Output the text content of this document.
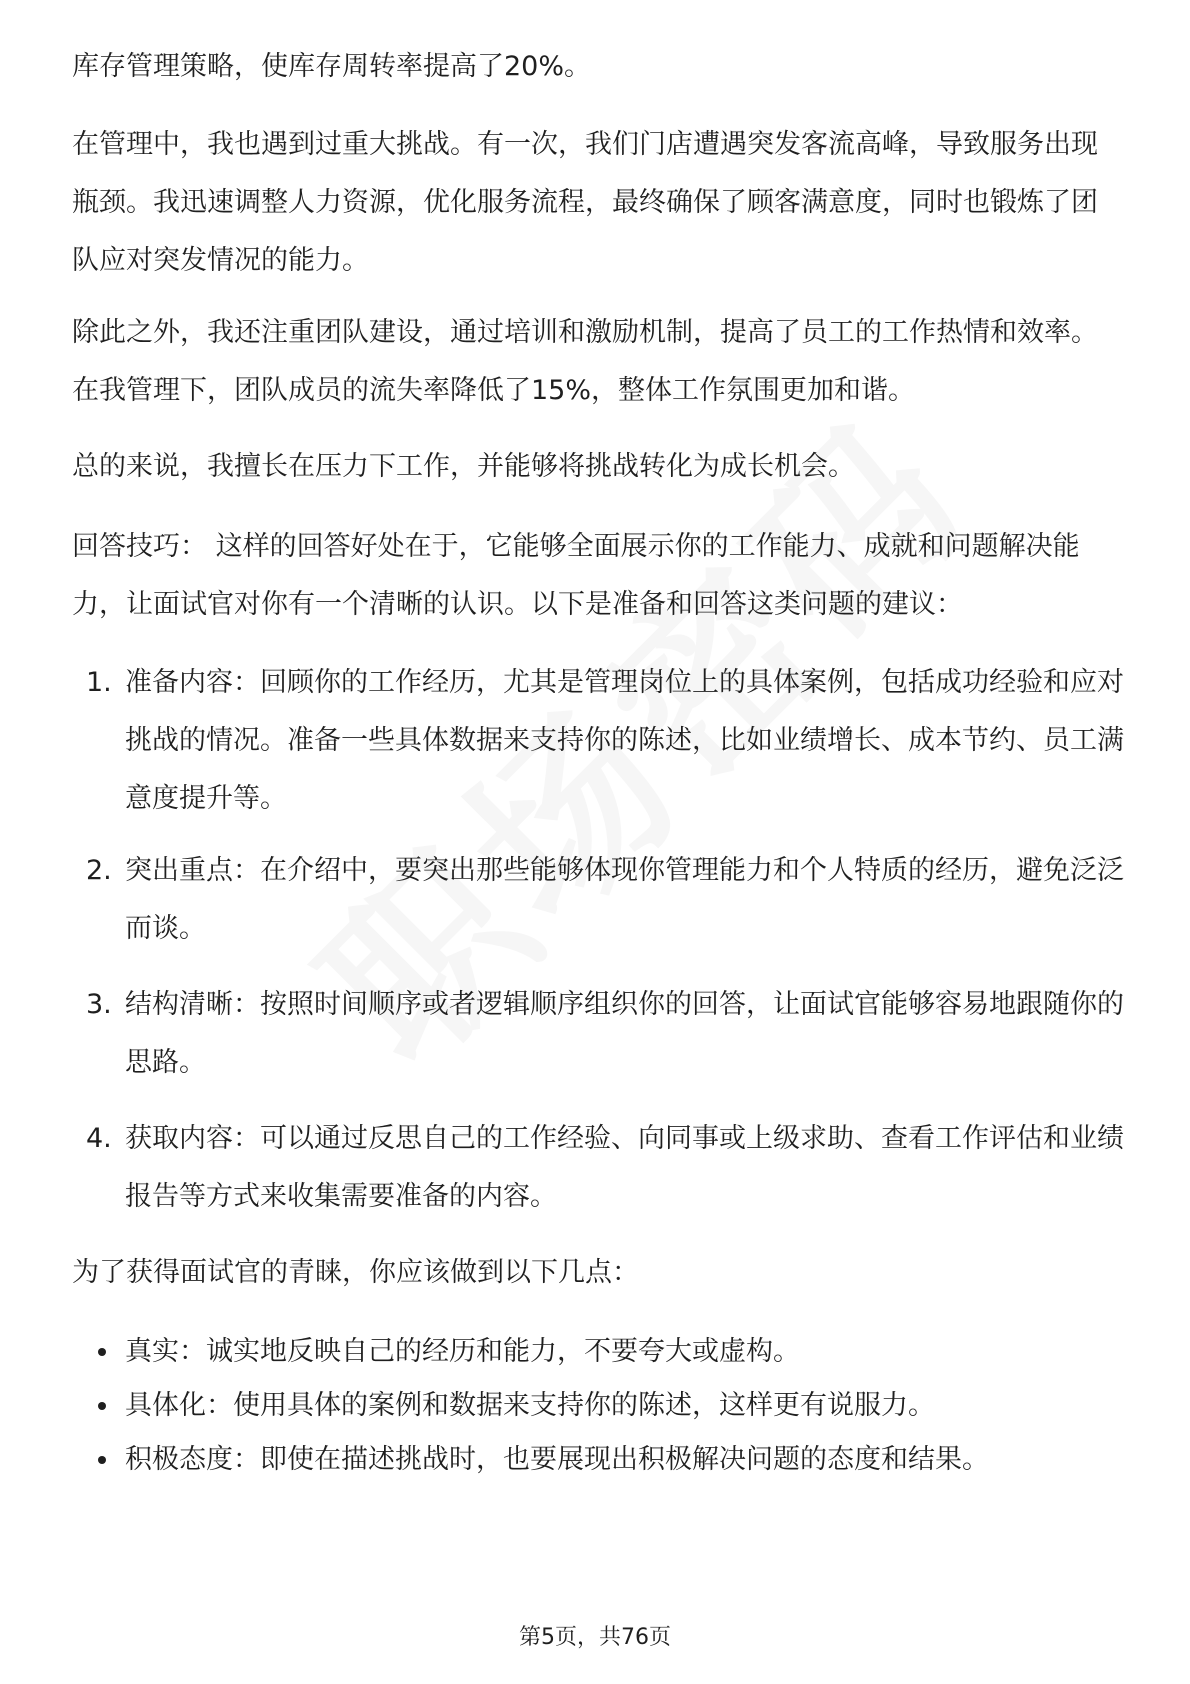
库存管理策略，使库存周转率提高了20%。

在管理中，我也遇到过重大挑战。有一次，我们门店遭遇突发客流高峰，导致服务出现瓶颈。我迅速调整人力资源，优化服务流程，最终确保了顾客满意度，同时也锻炼了团队应对突发情况的能力。

除此之外，我还注重团队建设，通过培训和激励机制，提高了员工的工作热情和效率。在我管理下，团队成员的流失率降低了15%，整体工作氛围更加和谐。

总的来说，我擅长在压力下工作，并能够将挑战转化为成长机会。

回答技巧： 这样的回答好处在于，它能够全面展示你的工作能力、成就和问题解决能力，让面试官对你有一个清晰的认识。以下是准备和回答这类问题的建议：

1. 准备内容：回顾你的工作经历，尤其是管理岗位上的具体案例，包括成功经验和应对挑战的情况。准备一些具体数据来支持你的陈述，比如业绩增长、成本节约、员工满意度提升等。

2. 突出重点：在介绍中，要突出那些能够体现你管理能力和个人特质的经历，避免泛泛而谈。

3. 结构清晰：按照时间顺序或者逻辑顺序组织你的回答，让面试官能够容易地跟随你的思路。

4. 获取内容：可以通过反思自己的工作经验、向同事或上级求助、查看工作评估和业绩报告等方式来收集需要准备的内容。

为了获得面试官的青睐，你应该做到以下几点：

真实：诚实地反映自己的经历和能力，不要夸大或虚构。

具体化：使用具体的案例和数据来支持你的陈述，这样更有说服力。

积极态度：即使在描述挑战时，也要展现出积极解决问题的态度和结果。

第5页，共76页
